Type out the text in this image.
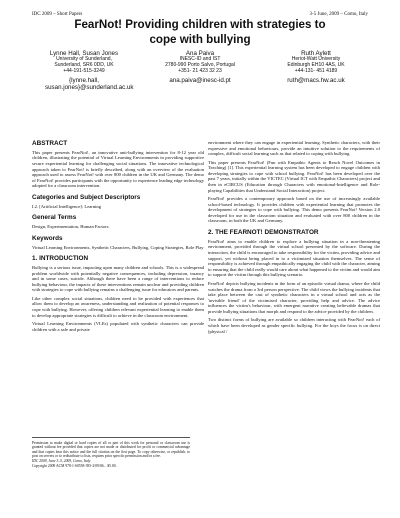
IDC 2009 – Short Papers	3-5 June, 2009 – Como, Italy
FearNot! Providing children with strategies to cope with bullying
Lynne Hall, Susan Jones
University of Sunderland,
Sunderland, SR6 0DD, UK
+44-191-515-3249
{lynne.hall, susan.jones}@sunderland.ac.uk
Ana Paiva
INESC-ID and IST
2780-990 Porto Salvo, Portugal
+351- 21 423 32 23
ana.paiva@inesc-id.pt
Ruth Aylett
Heriot-Watt University
Edinburgh EH10 4AS, UK
+44-131- 451 4189
ruth@macs.hw.ac.uk
ABSTRACT

This paper presents FearNot!, an innovative anti-bullying intervention for 8-12 year old children, illustrating the potential of Virtual Learning Environments in providing supportive secure experiential learning for challenging social situations. The innovative technological approach taken to FearNot! is briefly described, along with an overview of the evaluation approach used to assess FearNot! with over 800 children in the UK and Germany. The demo of FearNot! provides participants with the opportunity to experience leading edge technology adopted for a classroom intervention.

Categories and Subject Descriptors

I.2. [Artificial Intelligence]: Learning

General Terms

Design, Experimentation, Human Factors.

Keywords

Virtual Learning Environments, Synthetic Characters, Bullying, Coping Strategies, Role Play

1. INTRODUCTION

Bullying is a serious issue, impacting upon many children and schools. This is a widespread problem worldwide with potentially negative consequences, including depression, truancy and in some cases, suicide. Although there have been a range of interventions to reduce bullying behaviour, the impacts of these interventions remain unclear and providing children with strategies to cope with bullying remains a challenging issue for educators and parents.

Like other complex social situations, children need to be provided with experiences that allow them to develop an awareness, understanding and realization of potential responses to cope with bullying. However, offering children relevant experiential learning to enable them to develop appropriate strategies is difficult to achieve in the classroom environment.

Virtual Learning Environments (VLEs) populated with synthetic characters can provide children with a safe and private

Permission to make digital or hard copies of all or part of this work for personal or classroom use is granted without fee provided that copies are not made or distributed for profit or commercial advantage and that copies bear this notice and the full citation on the first page. To copy otherwise, or republish, to post on servers or to redistribute to lists, requires prior specific permission and/or a fee.
IDC 2009, June 3–5, 2009, Como, Italy
Copyright 2009 ACM 978-1-60558-395-2/09/06... $5.00.

environment where they can engage in experiential learning. Synthetic characters, with their expressive and emotional behaviours, provide an intuitive solution to the requirements of complex, difficult social learning such as that related to coping with bullying.

This paper presents FearNot! (Fun with Empathic Agents to Reach Novel Outcomes in Teaching) [1]. This experiential learning system has been developed to engage children with developing strategies to cope with school bullying. FearNot! has been developed over the past 7 years, initially within the VICTEC (Virtual ICT with Empathic Characters) project and then in eCIRCUS (Education through Characters with emotional-Intelligence and Role-playing Capabilities that Understand Social Interaction) project.

FearNot! provides a contemporary approach based on the use of increasingly available school-based technology. It provides children with experiential learning that promotes the development of strategies to cope with bullying. This demo presents FearNot! Version 2.0 developed for use in the classroom situation and evaluated with over 800 children in the classroom, in both the UK and Germany.

2. THE FEARNOT! DEMONSTRATOR

FearNot! aims to enable children to explore a bullying situation in a non-threatening environment, provided through the virtual school presented by the software. During the interaction, the child is encouraged to take responsibility for the victim, providing advice and support, yet without being placed in to a victimized situation themselves. The sense of responsibility is achieved through empathically engaging the child with the character, aiming to ensuring that the child really would care about what happened to the victim and would aim to support the victim through this bullying scenario.

FearNot! depicts bullying incidents in the form of an episodic virtual drama, where the child watches the drama from a 3rd person perspective. The child views the bullying incidents that take place between the cast of synthetic characters in a virtual school and acts as the 'invisible friend' of the victimised character, providing help and advice. The advice influences the victim's behaviour, with emergent narrative creating believable dramas that provide bullying situations that morph and respond to the advice provided by the children.

Two distinct forms of bullying are available so children interacting with FearNot! each of which have been developed as gender specific bullying. For the boys the focus is on direct (physical /
